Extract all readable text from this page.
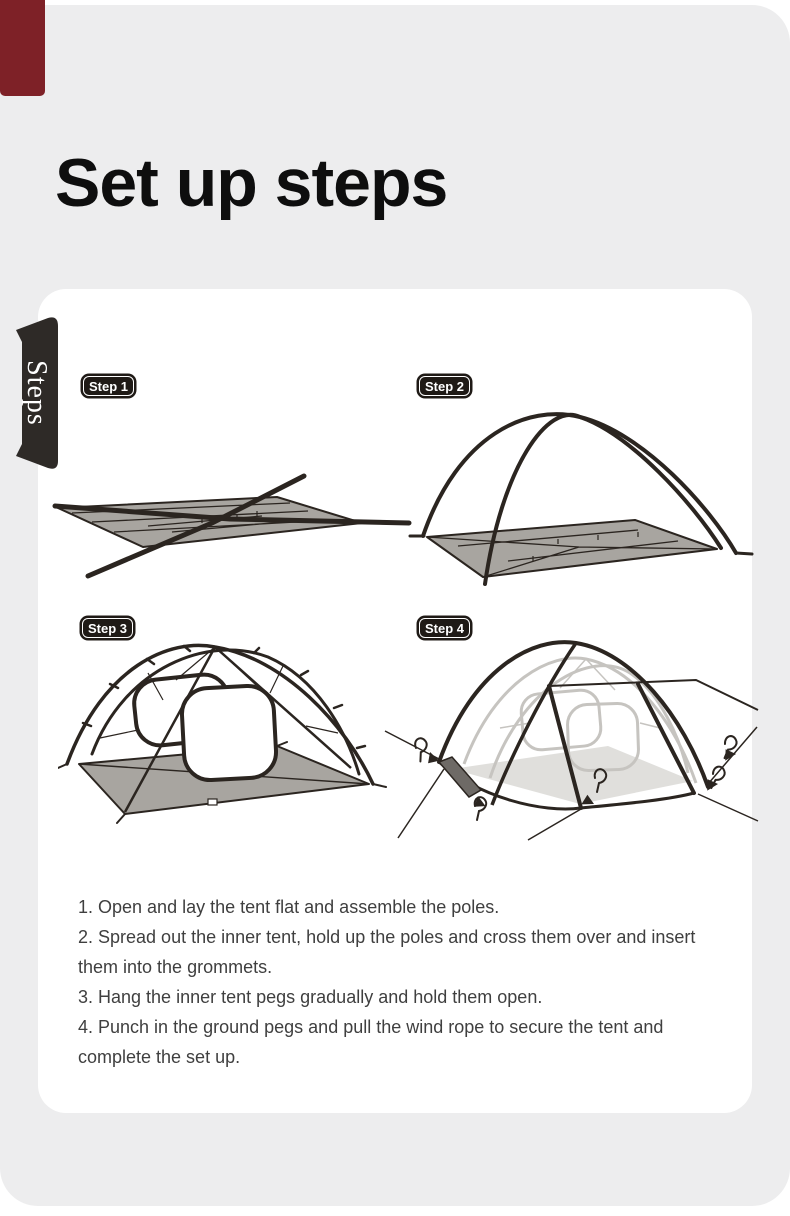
Set up steps
Steps	Step 1	Step 2
Step 3	Step 4

1. Open and lay the tent flat and assemble the poles.

2. Spread out the inner tent, hold up the poles and cross them over and insert them into the grommets.

3. Hang the inner tent pegs gradually and hold them open.

4. Punch in the ground pegs and pull the wind rope to secure the tent and complete the set up.
